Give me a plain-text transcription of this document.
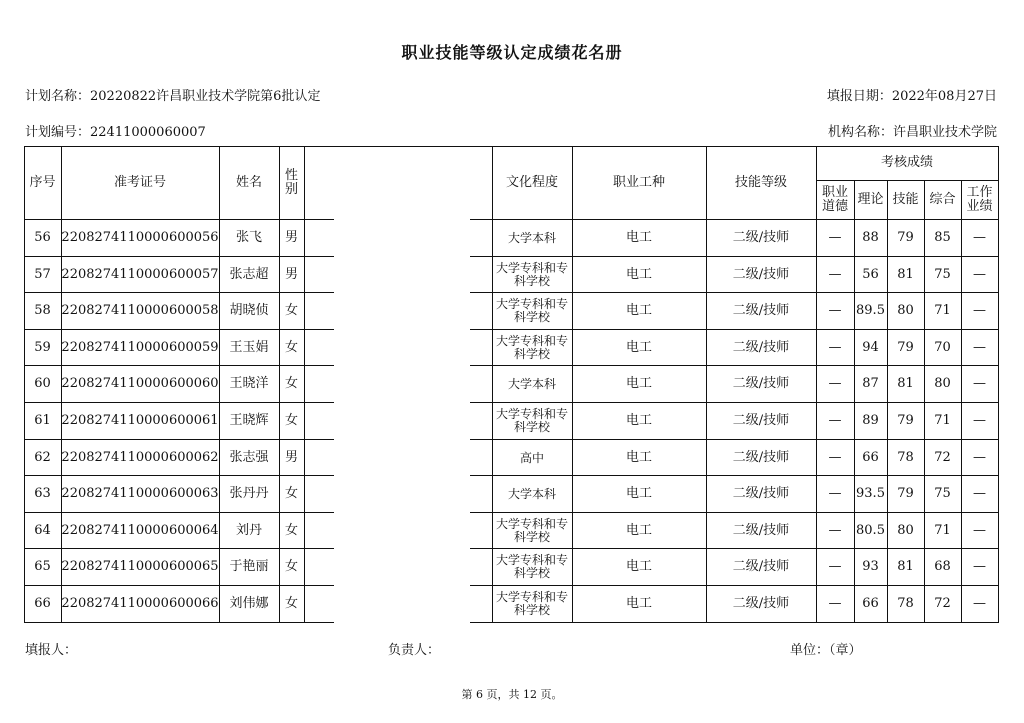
职业技能等级认定成绩花名册
计划名称：20220822许昌职业技术学院第6批认定	填报日期：2022年08月27日
计划编号：22411000060007	机构名称：许昌职业技术学院
序号	准考证号	姓名	性别	文化程度	职业工种	技能等级
考核成绩
职业道德 理论 技能 综合 工作业绩
56 2208274110000600056	张飞	男	大学本科	电工	二级/技师	—	88	79	85	—
57 2208274110000600057 张志超	男	大学专科和专科学校	电工	二级/技师	—	56	81	75	—
58 2208274110000600058 胡晓侦	女	大学专科和专科学校	电工	二级/技师	—	89.5 80	71	—
59 2208274110000600059 王玉娟	女	大学专科和专科学校	电工	二级/技师	—	94	79	70	—
60 2208274110000600060 王晓洋	女	大学本科	电工	二级/技师	—	87	81	80	—
61 2208274110000600061 王晓辉	女	大学专科和专科学校	电工	二级/技师	—	89	79	71	—
62 2208274110000600062 张志强	男	高中	电工	二级/技师	—	66	78	72	—
63 2208274110000600063 张丹丹	女	大学本科	电工	二级/技师	—	93.5 79	75	—
64 2208274110000600064	刘丹	女	大学专科和专科学校	电工	二级/技师	—	80.5 80	71	—
65 2208274110000600065 于艳丽	女	大学专科和专科学校	电工	二级/技师	—	93	81	68	—
66 2208274110000600066 刘伟娜	女	大学专科和专科学校	电工	二级/技师	—	66	78	72	—
填报人：	负责人：	单位：（章）
第 6 页，共 12 页。
